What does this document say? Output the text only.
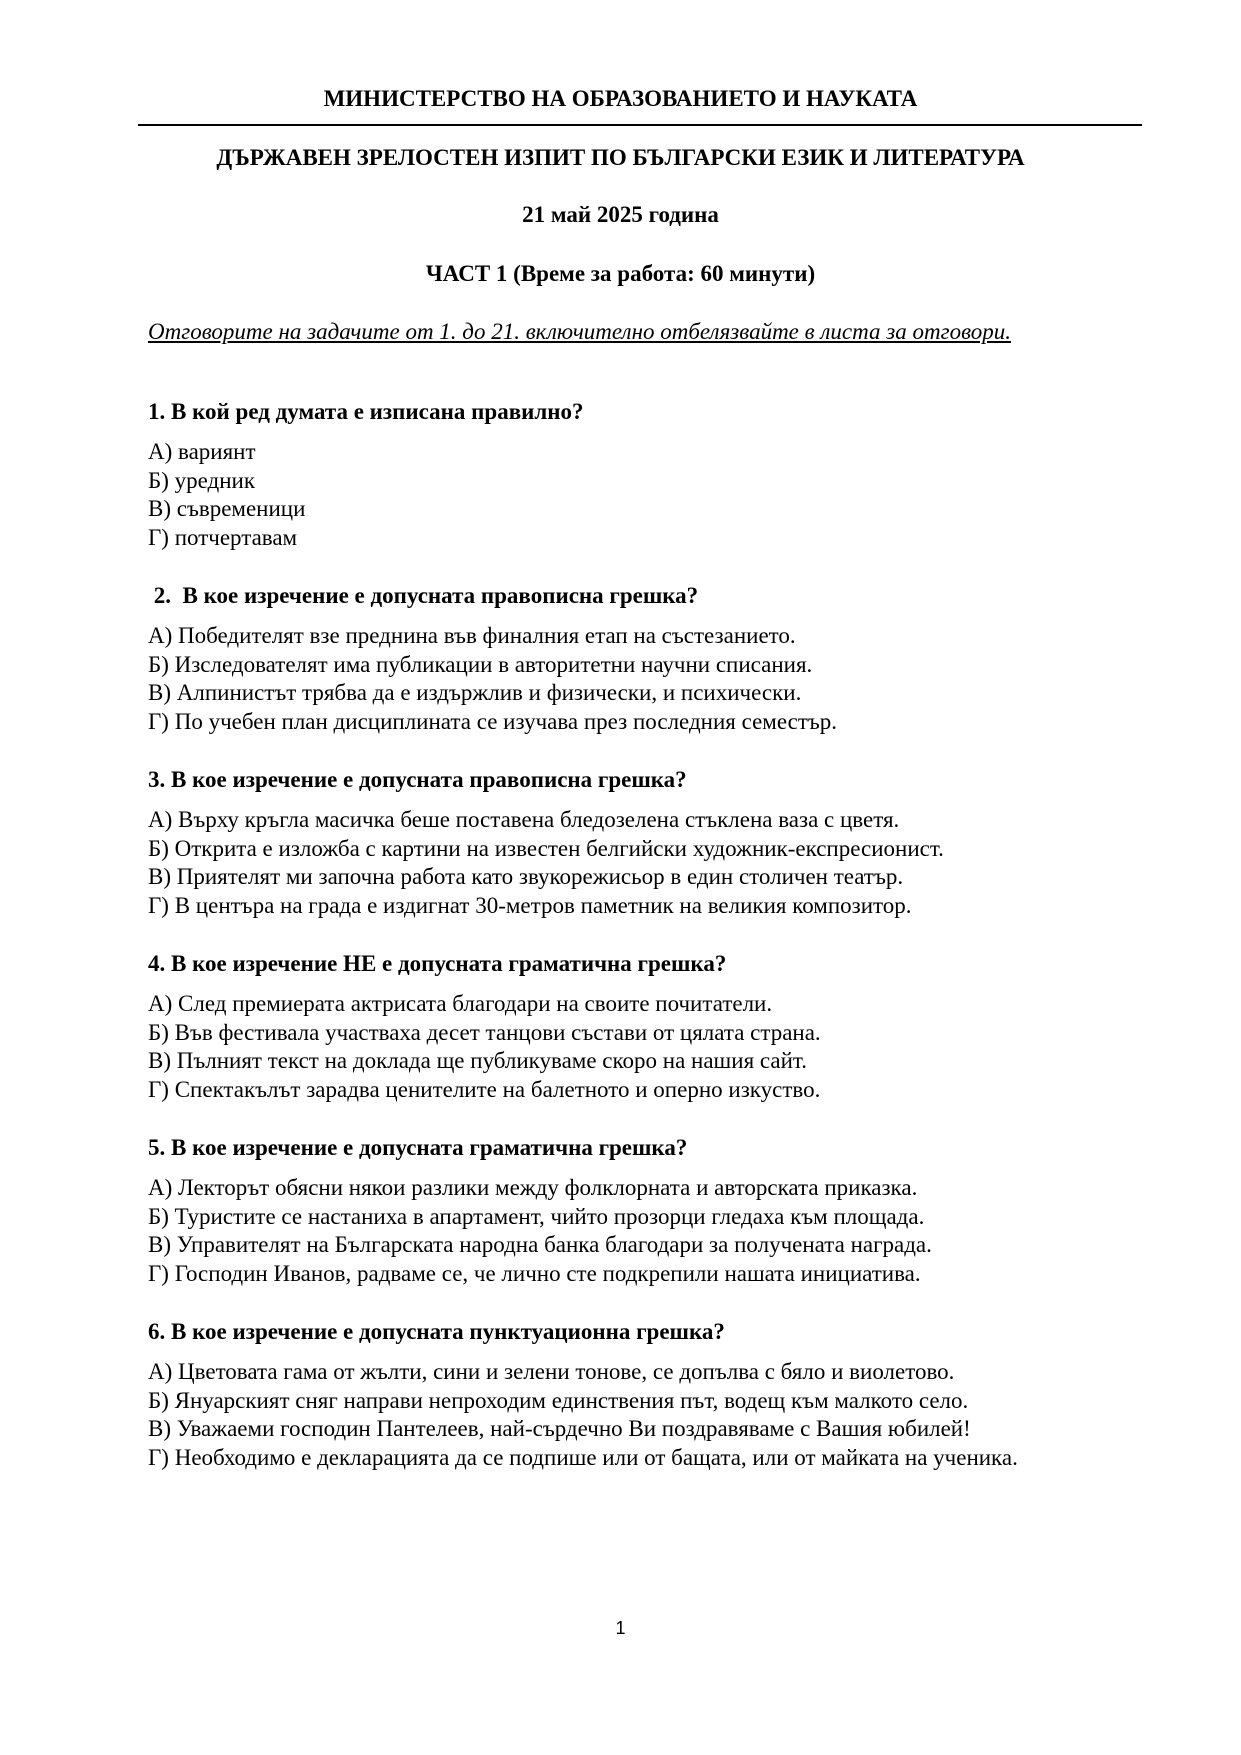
МИНИСТЕРСТВО НА ОБРАЗОВАНИЕТО И НАУКАТА
ДЪРЖАВЕН ЗРЕЛОСТЕН ИЗПИТ ПО БЪЛГАРСКИ ЕЗИК И ЛИТЕРАТУРА
21 май 2025 година
ЧАСТ 1 (Време за работа: 60 минути)
Отговорите на задачите от 1. до 21. включително отбелязвайте в листа за отговори.
1. В кой ред думата е изписана правилно?
А) вариянт
Б) уредник
В) съвременици
Г) потчертавам
2.  В кое изречение е допусната правописна грешка?
А) Победителят взе преднина във финалния етап на състезанието.
Б) Изследователят има публикации в авторитетни научни списания.
В) Алпинистът трябва да е издържлив и физически, и психически.
Г) По учебен план дисциплината се изучава през последния семестър.
3. В кое изречение е допусната правописна грешка?
А) Върху кръгла масичка беше поставена бледозелена стъклена ваза с цветя.
Б) Открита е изложба с картини на известен белгийски художник-експресионист.
В) Приятелят ми започна работа като звукорежисьор в един столичен театър.
Г) В центъра на града е издигнат 30-метров паметник на великия композитор.
4. В кое изречение НЕ е допусната граматична грешка?
А) След премиерата актрисата благодари на своите почитатели.
Б) Във фестивала участваха десет танцови състави от цялата страна.
В) Пълният текст на доклада ще публикуваме скоро на нашия сайт.
Г) Спектакълът зарадва ценителите на балетното и оперно изкуство.
5. В кое изречение е допусната граматична грешка?
А) Лекторът обясни някои разлики между фолклорната и авторската приказка.
Б) Туристите се настаниха в апартамент, чийто прозорци гледаха към площада.
В) Управителят на Българската народна банка благодари за получената награда.
Г) Господин Иванов, радваме се, че лично сте подкрепили нашата инициатива.
6. В кое изречение е допусната пунктуационна грешка?
А) Цветовата гама от жълти, сини и зелени тонове, се допълва с бяло и виолетово.
Б) Януарският сняг направи непроходим единствения път, водещ към малкото село.
В) Уважаеми господин Пантелеев, най-сърдечно Ви поздравяваме с Вашия юбилей!
Г) Необходимо е декларацията да се подпише или от бащата, или от майката на ученика.
1
